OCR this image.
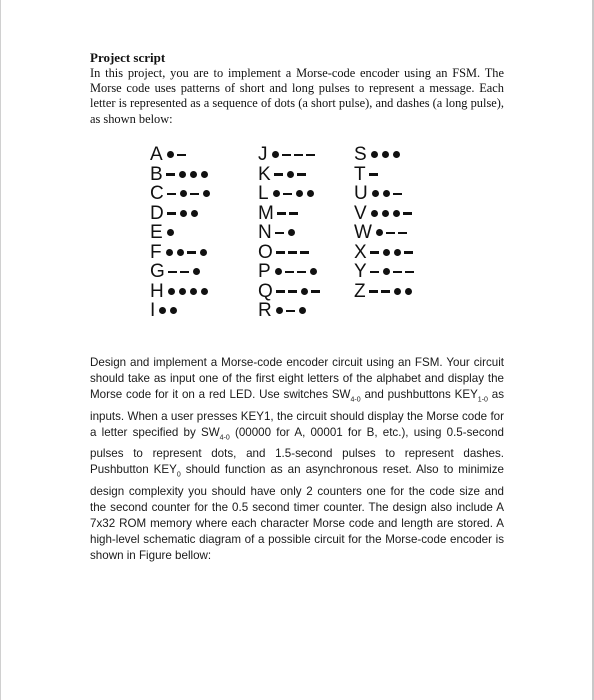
Project script
In this project, you are to implement a Morse-code encoder using an FSM. The Morse code uses patterns of short and long pulses to represent a message. Each letter is represented as a sequence of dots (a short pulse), and dashes (a long pulse), as shown below:
A
B
C
D
E
F
G
H
I
J
K
L
M
N
O
P
Q
R
S
T
U
V
W
X
Y
Z
Design and implement a Morse-code encoder circuit using an FSM. Your circuit should take as input one of the first eight letters of the alphabet and display the Morse code for it on a red LED. Use switches $SW_{4-0}$ and pushbuttons $KEY_{1-0}$ as inputs. When a user presses KEY1, the circuit should display the Morse code for a letter specified by $SW_{4-0}$ (00000 for A, 00001 for B, etc.), using 0.5-second pulses to represent dots, and 1.5-second pulses to represent dashes. Pushbutton $KEY_0$ should function as an asynchronous reset. Also to minimize design complexity you should have only 2 counters one for the code size and the second counter for the 0.5 second timer counter. The design also include A 7x32 ROM memory where each character Morse code and length are stored. A high-level schematic diagram of a possible circuit for the Morse-code encoder is shown in Figure bellow:
